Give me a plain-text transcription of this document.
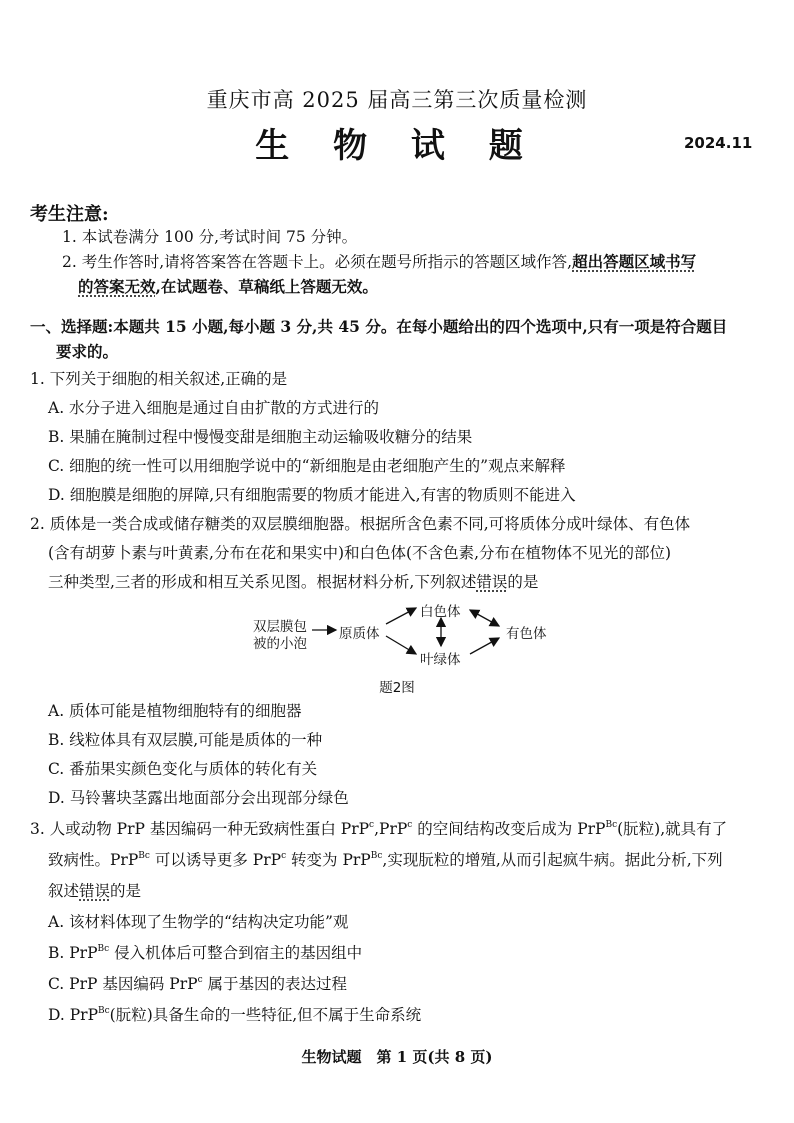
重庆市高 2025 届高三第三次质量检测
生 物 试 题	2024.11
考生注意:
1. 本试卷满分 100 分,考试时间 75 分钟。
2. 考生作答时,请将答案答在答题卡上。必须在题号所指示的答题区域作答,超出答题区域书写
的答案无效,在试题卷、草稿纸上答题无效。
一、选择题:本题共 15 小题,每小题 3 分,共 45 分。在每小题给出的四个选项中,只有一项是符合题目
要求的。
1. 下列关于细胞的相关叙述,正确的是
A. 水分子进入细胞是通过自由扩散的方式进行的
B. 果脯在腌制过程中慢慢变甜是细胞主动运输吸收糖分的结果
C. 细胞的统一性可以用细胞学说中的“新细胞是由老细胞产生的”观点来解释
D. 细胞膜是细胞的屏障,只有细胞需要的物质才能进入,有害的物质则不能进入
2. 质体是一类合成或储存糖类的双层膜细胞器。根据所含色素不同,可将质体分成叶绿体、有色体
(含有胡萝卜素与叶黄素,分布在花和果实中)和白色体(不含色素,分布在植物体不见光的部位)
三种类型,三者的形成和相互关系见图。根据材料分析,下列叙述错误的是
双层膜包
被的小泡
原质体
白色体
有色体
叶绿体
题2图
A. 质体可能是植物细胞特有的细胞器
B. 线粒体具有双层膜,可能是质体的一种
C. 番茄果实颜色变化与质体的转化有关
D. 马铃薯块茎露出地面部分会出现部分绿色
3. 人或动物 PrP 基因编码一种无致病性蛋白 PrP$^c$,PrP$^c$ 的空间结构改变后成为 PrP$^{Bc}$(朊粒),就具有了
致病性。PrP$^{Bc}$ 可以诱导更多 PrP$^c$ 转变为 PrP$^{Bc}$,实现朊粒的增殖,从而引起疯牛病。据此分析,下列
叙述错误的是
A. 该材料体现了生物学的“结构决定功能”观
B. PrP$^{Bc}$ 侵入机体后可整合到宿主的基因组中
C. PrP 基因编码 PrP$^c$ 属于基因的表达过程
D. PrP$^{Bc}$(朊粒)具备生命的一些特征,但不属于生命系统
生物试题　第 1 页(共 8 页)
